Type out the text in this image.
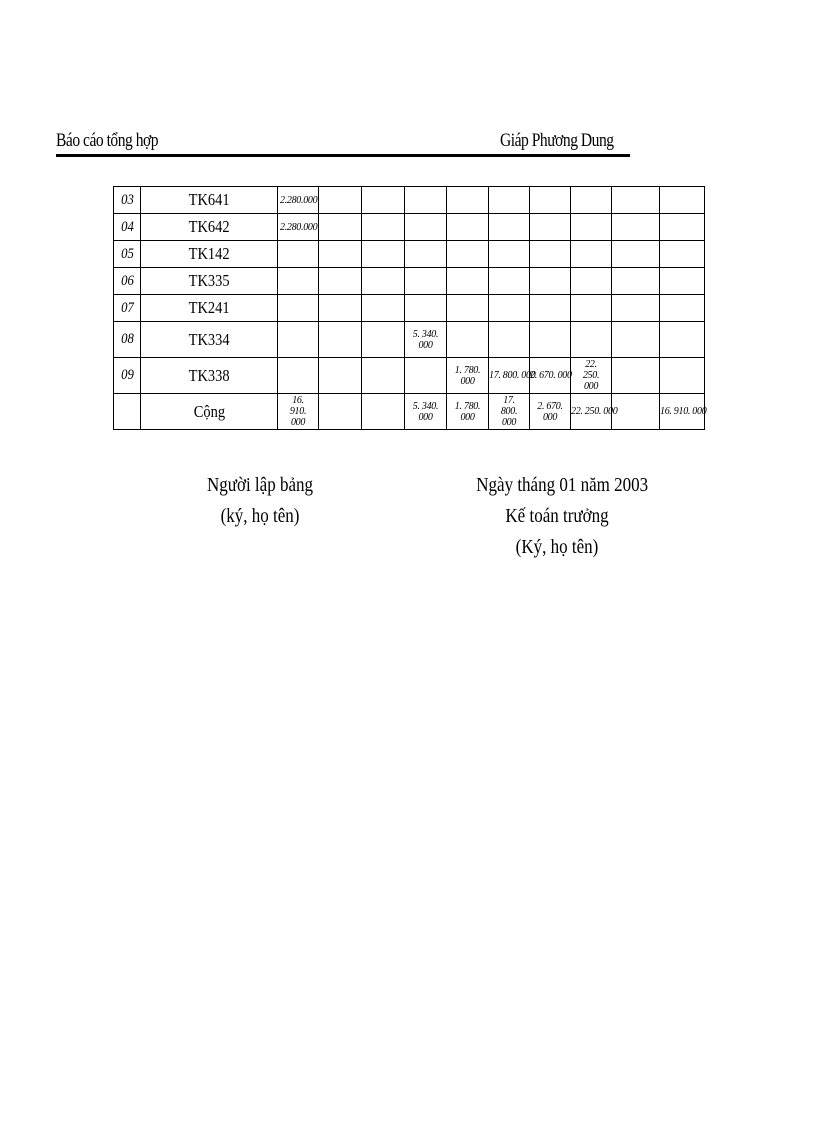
Báo cáo tổng hợp	Giáp Phương Dung
03	TK641	2.280.000									

04	TK642	2.280.000									

05	TK142										
06	TK335										
07	TK241										
08	TK334				5. 340. 000						

09	TK338					1. 780. 000	17. 800. 000	2. 670. 000	22. 250. 000		

	Cộng	16. 910. 000			5. 340. 000	1. 780. 000	17. 800. 000	2. 670. 000	22. 250. 000		16. 910. 000
Người lập bảng
(ký, họ tên)
Ngày tháng 01 năm 2003
Kế toán trưởng
(Ký, họ tên)
